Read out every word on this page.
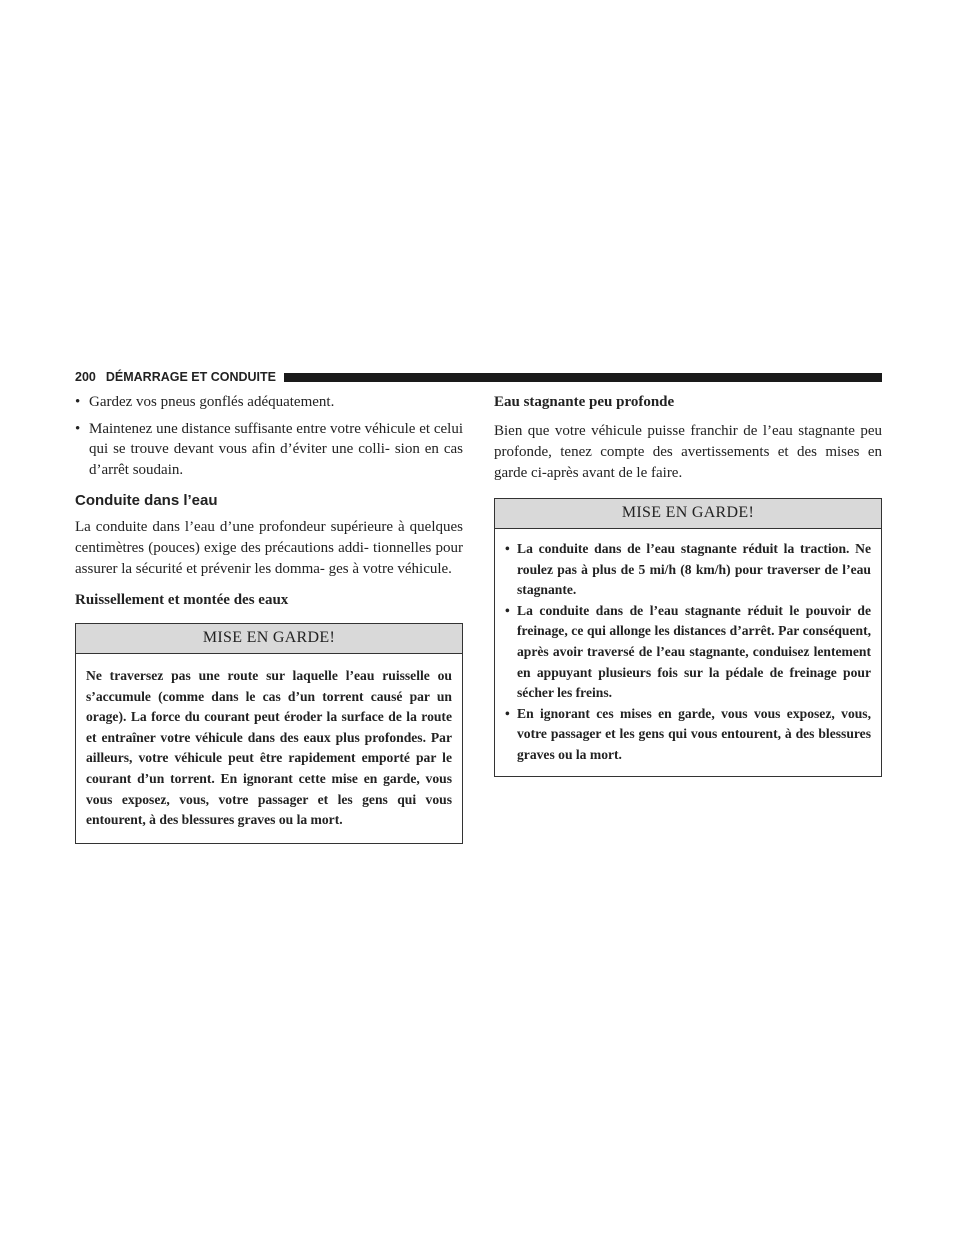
200 DÉMARRAGE ET CONDUITE
• Gardez vos pneus gonflés adéquatement.
• Maintenez une distance suffisante entre votre véhicule et celui qui se trouve devant vous afin d’éviter une colli- sion en cas d’arrêt soudain.
Conduite dans l’eau

La conduite dans l’eau d’une profondeur supérieure à quelques centimètres (pouces) exige des précautions addi- tionnelles pour assurer la sécurité et prévenir les domma- ges à votre véhicule.

Ruissellement et montée des eaux
MISE EN GARDE!
Ne traversez pas une route sur laquelle l’eau ruisselle ou s’accumule (comme dans le cas d’un torrent causé par un orage). La force du courant peut éroder la surface de la route et entraîner votre véhicule dans des eaux plus profondes. Par ailleurs, votre véhicule peut être rapidement emporté par le courant d’un torrent. En ignorant cette mise en garde, vous vous exposez, vous, votre passager et les gens qui vous entourent, à des blessures graves ou la mort.
Eau stagnante peu profonde

Bien que votre véhicule puisse franchir de l’eau stagnante peu profonde, tenez compte des avertissements et des mises en garde ci-après avant de le faire.

MISE EN GARDE!
• La conduite dans de l’eau stagnante réduit la traction. Ne roulez pas à plus de 5 mi/h (8 km/h) pour traverser de l’eau stagnante.
• La conduite dans de l’eau stagnante réduit le pouvoir de freinage, ce qui allonge les distances d’arrêt. Par conséquent, après avoir traversé de l’eau stagnante, conduisez lentement en appuyant plusieurs fois sur la pédale de freinage pour sécher les freins.
• En ignorant ces mises en garde, vous vous exposez, vous, votre passager et les gens qui vous entourent, à des blessures graves ou la mort.
